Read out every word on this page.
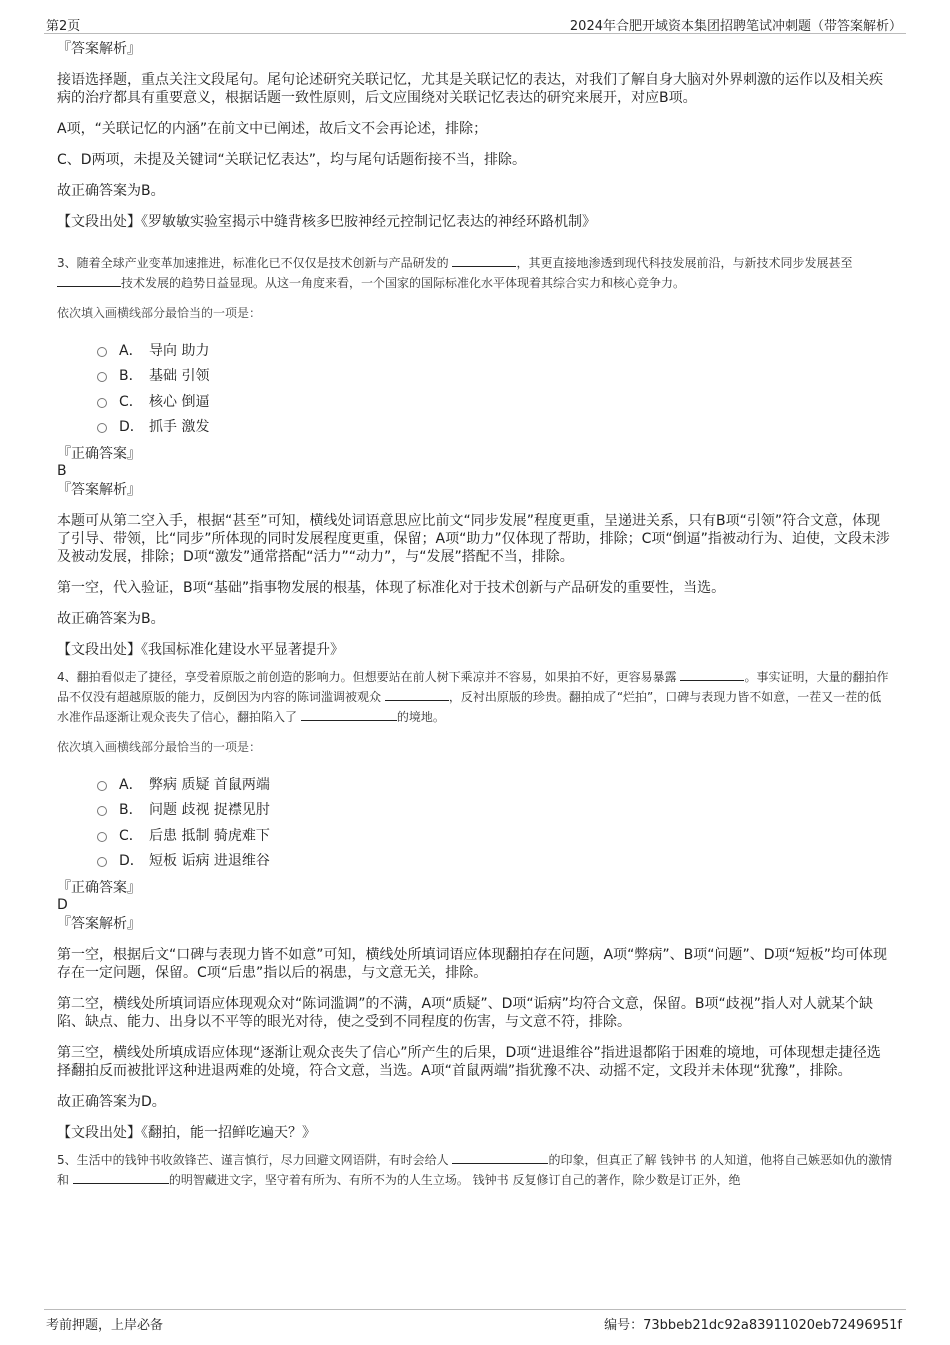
第2页	2024年合肥开域资本集团招聘笔试冲刺题（带答案解析）

『答案解析』

接语选择题，重点关注文段尾句。尾句论述研究关联记忆，尤其是关联记忆的表达，对我们了解自身大脑对外界刺激的运作以及相关疾病的治疗都具有重要意义，根据话题一致性原则，后文应围绕对关联记忆表达的研究来展开，对应B项。

A项，“关联记忆的内涵”在前文中已阐述，故后文不会再论述，排除；

C、D两项，未提及关键词“关联记忆表达”，均与尾句话题衔接不当，排除。

故正确答案为B。

【文段出处】《罗敏敏实验室揭示中缝背核多巴胺神经元控制记忆表达的神经环路机制》

3、随着全球产业变革加速推进，标准化已不仅仅是技术创新与产品研发的	，其更直接地渗透到现代科技发展前沿，与新技术同步发展甚至 技术发展的趋势日益显现。从这一角度来看，一个国家的国际标准化水平体现着其综合实力和核心竞争力。

依次填入画横线部分最恰当的一项是：

A． 导向 助力
B． 基础 引领
C． 核心 倒逼
D． 抓手 激发

『正确答案』

B

『答案解析』

本题可从第二空入手，根据“甚至”可知，横线处词语意思应比前文“同步发展”程度更重，呈递进关系，只有B项“引领”符合文意，体现了引导、带领，比“同步”所体现的同时发展程度更重，保留；A项“助力”仅体现了帮助，排除；C项“倒逼”指被动行为、迫使，文段未涉及被动发展，排除；D项“激发”通常搭配“活力”“动力”，与“发展”搭配不当，排除。

第一空，代入验证，B项“基础”指事物发展的根基，体现了标准化对于技术创新与产品研发的重要性，当选。

故正确答案为B。

【文段出处】《我国标准化建设水平显著提升》

4、翻拍看似走了捷径，享受着原版之前创造的影响力。但想要站在前人树下乘凉并不容易，如果拍不好，更容易暴露	。事实证明，大量的翻拍作品不仅没有超越原版的能力，反倒因为内容的陈词滥调被观众	，反衬出原版的珍贵。翻拍成了“烂拍”，口碑与表现力皆不如意，一茬又一茬的低水准作品逐渐让观众丧失了信心，翻拍陷入了	的境地。

依次填入画横线部分最恰当的一项是：

A． 弊病 质疑 首鼠两端
B． 问题 歧视 捉襟见肘
C． 后患 抵制 骑虎难下
D． 短板 诟病 进退维谷

『正确答案』

D

『答案解析』

第一空，根据后文“口碑与表现力皆不如意”可知，横线处所填词语应体现翻拍存在问题，A项“弊病”、B项“问题”、D项“短板”均可体现存在一定问题，保留。C项“后患”指以后的祸患，与文意无关，排除。

第二空，横线处所填词语应体现观众对“陈词滥调”的不满，A项“质疑”、D项“诟病”均符合文意，保留。B项“歧视”指人对人就某个缺陷、缺点、能力、出身以不平等的眼光对待，使之受到不同程度的伤害，与文意不符，排除。

第三空，横线处所填成语应体现“逐渐让观众丧失了信心”所产生的后果，D项“进退维谷”指进退都陷于困难的境地，可体现想走捷径选择翻拍反而被批评这种进退两难的处境，符合文意，当选。A项“首鼠两端”指犹豫不决、动摇不定，文段并未体现“犹豫”，排除。

故正确答案为D。

【文段出处】《翻拍，能一招鲜吃遍天？》

5、生活中的钱钟书收敛锋芒、谨言慎行，尽力回避文网语阱，有时会给人	的印象，但真正了解 钱钟书 的人知道，他将自己嫉恶如仇的激情和	的明智藏进文字，坚守着有所为、有所不为的人生立场。 钱钟书 反复修订自己的著作，除少数是订正外，绝

考前押题，上岸必备	编号：73bbeb21dc92a83911020eb72496951f
